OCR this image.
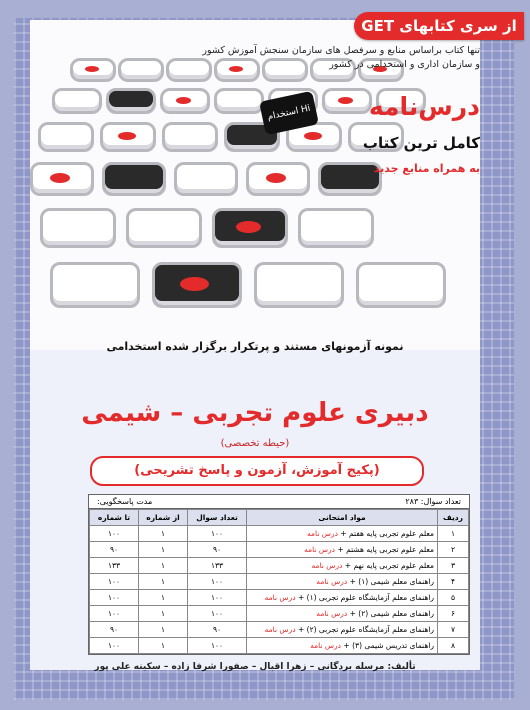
از سری کتابهای GET
تنها کتاب براساس منابع و سرفصل های سازمان سنجش آموزش کشور
و سازمان اداری و استخدامی در کشور
Hi استخدام	درس‌نامه
کامل ترین کتاب
به همراه منابع جدید
نمونه آزمونهای مستند و پرتکرار برگزار شده استخدامی
دبیری علوم تجربی – شیمی
(حیطه تخصصی)
(پکیج آموزش، آزمون و پاسخ تشریحی)
تعداد سوال: ۲۸۳
مدت پاسخگویی:
ردیف	مواد امتحانی	تعداد سوال	از شماره	تا شماره
۱	معلم علوم تجربی پایه هفتم + درس نامه	۱۰۰	۱	۱۰۰
۲	معلم علوم تجربی پایه هشتم + درس نامه	۹۰	۱	۹۰
۳	معلم علوم تجربی پایه نهم + درس نامه	۱۳۳	۱	۱۳۳
۴	راهنمای معلم شیمی (۱) + درس نامه	۱۰۰	۱	۱۰۰
۵	راهنمای معلم آزمایشگاه علوم تجربی (۱) + درس نامه	۱۰۰	۱	۱۰۰
۶	راهنمای معلم شیمی (۲) + درس نامه	۱۰۰	۱	۱۰۰
۷	راهنمای معلم آزمایشگاه علوم تجربی (۲) + درس نامه	۹۰	۱	۹۰
۸	راهنمای تدریس شیمی (۳) + درس نامه	۱۰۰	۱	۱۰۰
تألیف: مرسله بردگانی – زهرا اقبال – صفورا شرفا زاده – سکینه علی پور
